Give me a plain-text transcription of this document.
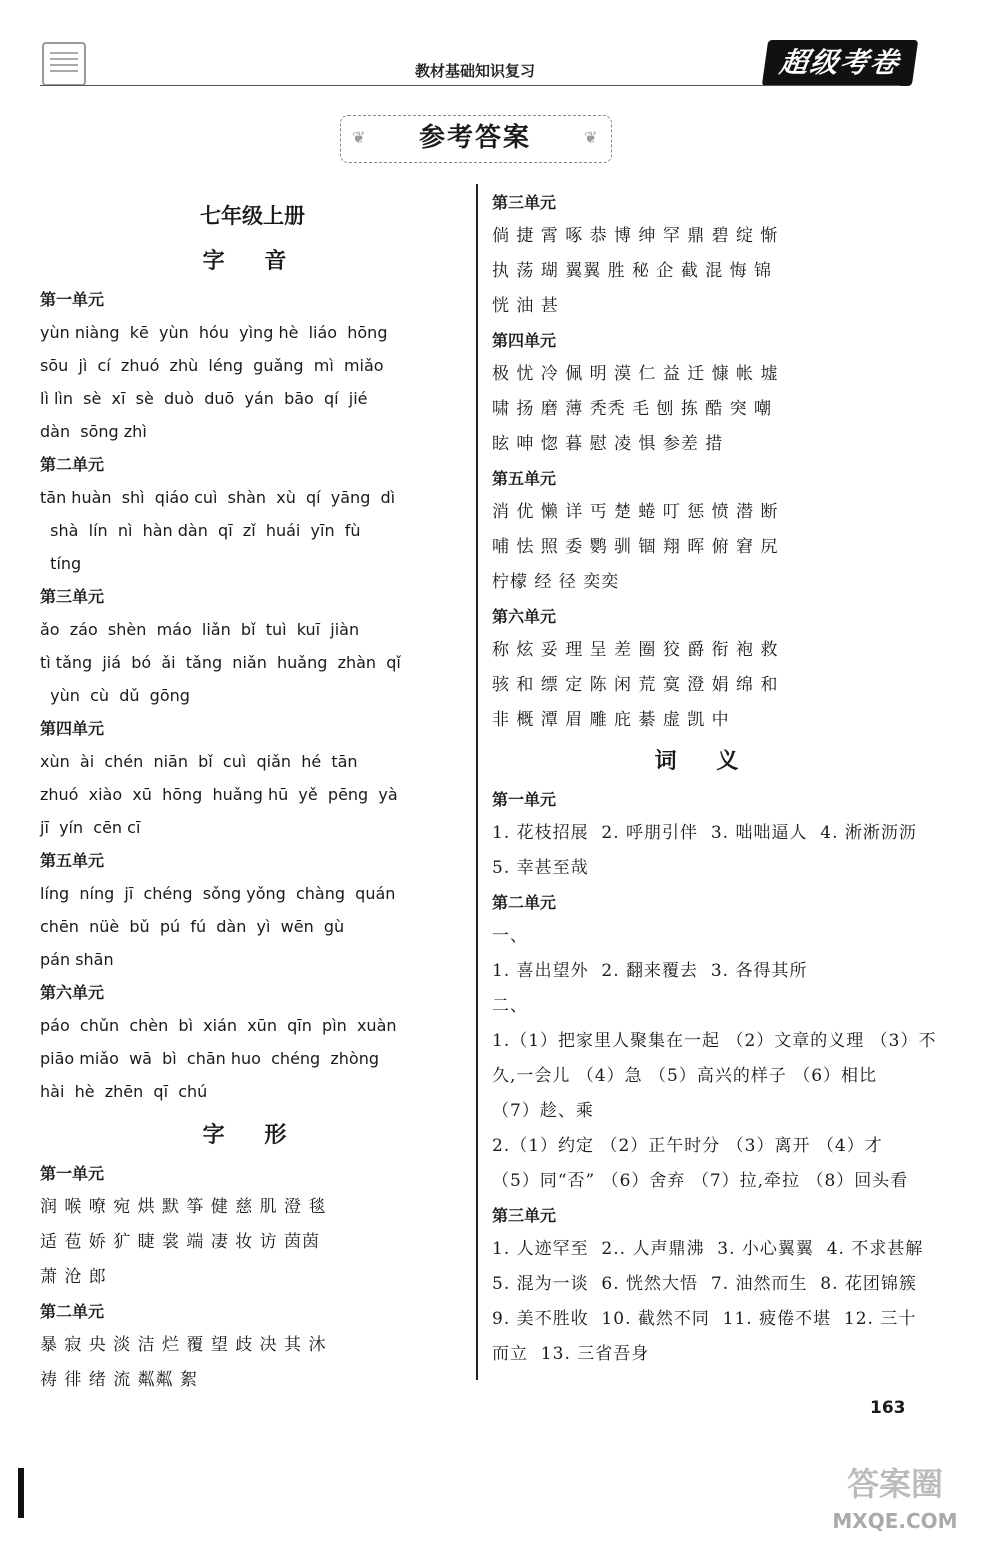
教材基础知识复习	超级考卷
❦	❦
参考答案
七年级上册
字 音
第一单元
yùn niàng  kē  yùn  hóu  yìng hè  liáo  hōng
sōu  jì  cí  zhuó  zhù  léng  guǎng  mì  miǎo
lì lìn  sè  xī  sè  duò  duō  yán  bāo  qí  jié
dàn  sōng zhì
第二单元
tān huàn  shì  qiáo cuì  shàn  xù  qí  yāng  dì
shà  lín  nì  hàn dàn  qī  zǐ  huái  yīn  fù
tíng
第三单元
ǎo  záo  shèn  máo  liǎn  bǐ  tuì  kuī  jiàn
tì tǎng  jiá  bó  ǎi  tǎng  niǎn  huǎng  zhàn  qǐ
yùn  cù  dǔ  gōng
第四单元
xùn  ài  chén  niān  bǐ  cuì  qiǎn  hé  tān
zhuó  xiào  xū  hōng  huǎng hū  yě  pēng  yà
jī  yín  cēn cī
第五单元
líng  níng  jī  chéng  sǒng yǒng  chàng  quán
chēn  nüè  bǔ  pú  fú  dàn  yì  wēn  gù
pán shān
第六单元
páo  chǔn  chèn  bì  xián  xūn  qīn  pìn  xuàn
piāo miǎo  wā  bì  chān huo  chéng  zhòng
hài  hè  zhēn  qī  chú
字 形
第一单元
润 喉 嘹 宛 烘 默 筝 健 慈 肌 澄 毯
适 苞 娇 犷 睫 裳 端 凄 妆 访 茵茵
萧 沧 郎
第二单元
暴 寂 央 淡 洁 烂 覆 望 歧 决 其 沐
祷 徘 绪 流 粼粼 絮
第三单元
倘 捷 霄 啄 恭 博 绅 罕 鼎 碧 绽 惭
执 荡 瑚 翼翼 胜 秘 企 截 混 悔 锦
恍 油 甚
第四单元
极 忧 冷 佩 明 漠 仁 益 迁 慷 帐 墟
啸 扬 磨 薄 秃秃 毛 刨 拣 酷 突 嘲
眩 呻 惚 暮 慰 凌 惧 参差 措
第五单元
消 优 懒 详 丐 楚 蜷 叮 惩 愤 潜 断
哺 怯 照 委 鹦 驯 锢 翔 晖 俯 窘 尻
柠檬 经 径 奕奕
第六单元
称 炫 妥 理 呈 差 圈 狡 爵 衔 袍 救
骇 和 缥 定 陈 闲 荒 寞 澄 娟 绵 和
非 概 潭 眉 雕 庇 綦 虚 凯 中
词 义
第一单元
1. 花枝招展  2. 呼朋引伴  3. 咄咄逼人  4. 淅淅沥沥
5. 幸甚至哉
第二单元
一、
1. 喜出望外  2. 翻来覆去  3. 各得其所
二、
1.（1）把家里人聚集在一起 （2）文章的义理 （3）不
久,一会儿 （4）急 （5）高兴的样子 （6）相比
（7）趁、乘
2.（1）约定 （2）正午时分 （3）离开 （4）才
（5）同“否” （6）舍弃 （7）拉,牵拉 （8）回头看
第三单元
1. 人迹罕至  2.. 人声鼎沸  3. 小心翼翼  4. 不求甚解
5. 混为一谈  6. 恍然大悟  7. 油然而生  8. 花团锦簇
9. 美不胜收  10. 截然不同  11. 疲倦不堪  12. 三十
而立  13. 三省吾身
163
答案圈
MXQE.COM
